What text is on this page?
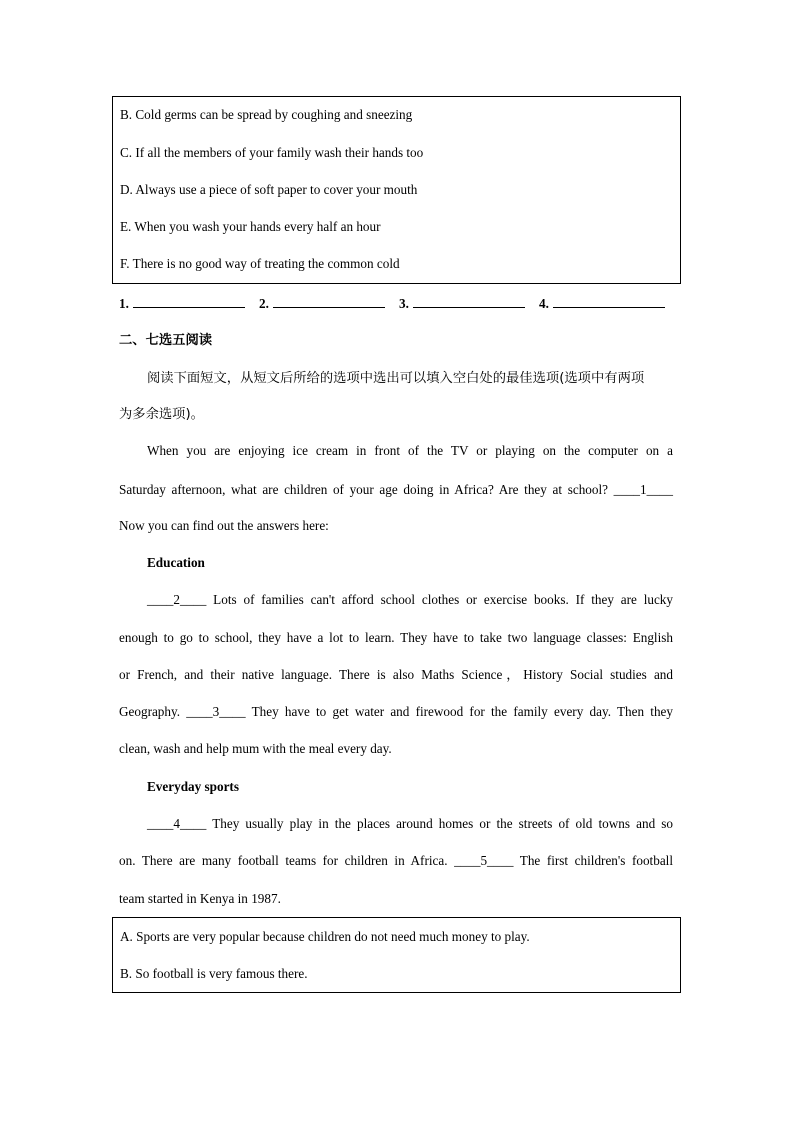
B. Cold germs can be spread by coughing and sneezing
C. If all the members of your family wash their hands too
D. Always use a piece of soft paper to cover your mouth
E. When you wash your hands every half an hour
F. There is no good way of treating the common cold
1.	2.	3.	4.
二、七选五阅读
阅读下面短文，从短文后所给的选项中选出可以填入空白处的最佳选项(选项中有两项
为多余选项)。
When you are enjoying ice cream in front of the TV or playing on the computer on a
Saturday afternoon, what are children of your age doing in Africa? Are they at school? ____1____
Now you can find out the answers here:
Education
____2____ Lots of families can't afford school clothes or exercise books. If they are lucky
enough to go to school, they have a lot to learn. They have to take two language classes: English
or French, and their native language. There is also Maths Science，History Social studies and
Geography. ____3____ They have to get water and firewood for the family every day. Then they
clean, wash and help mum with the meal every day.
Everyday sports
____4____ They usually play in the places around homes or the streets of old towns and so
on. There are many football teams for children in Africa. ____5____ The first children's football
team started in Kenya in 1987.
A. Sports are very popular because children do not need much money to play.
B. So football is very famous there.
